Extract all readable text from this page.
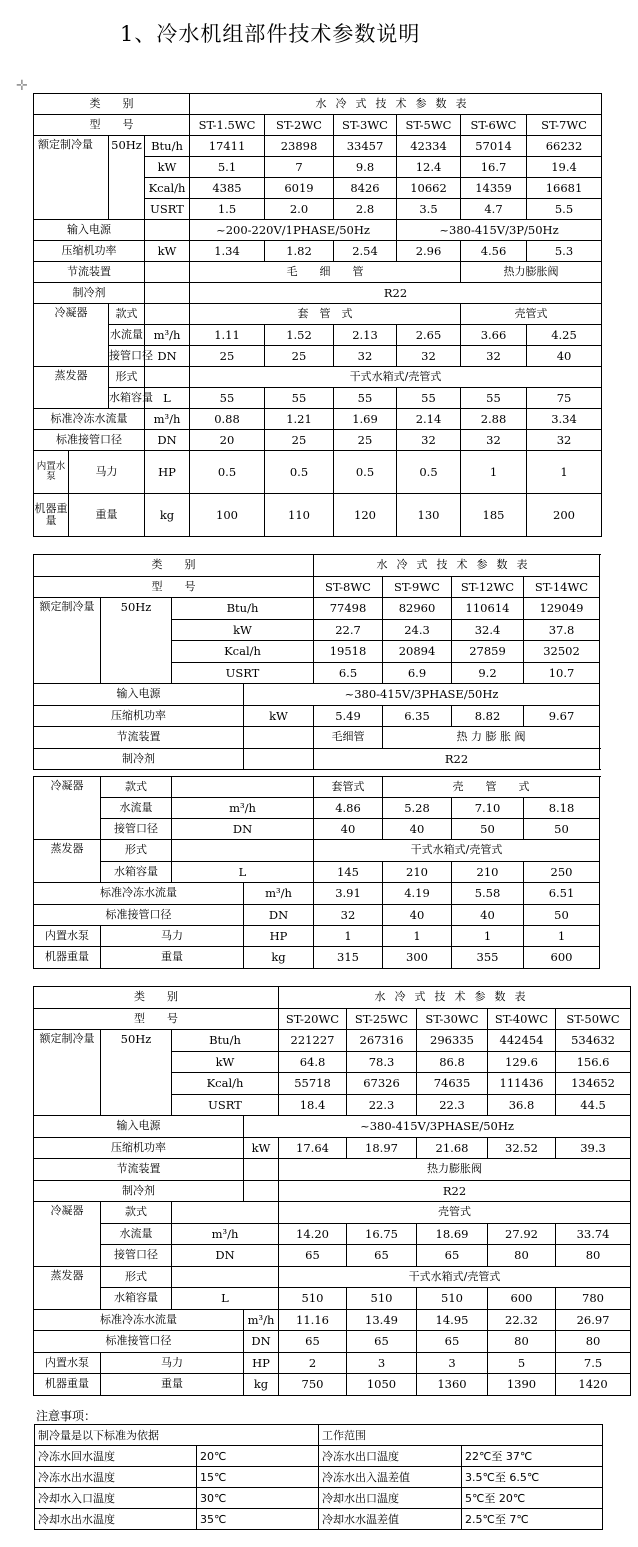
1、冷水机组部件技术参数说明
✛
类　　别				水冷式技术参数表					
型　　号				ST-1.5WC	ST-2WC	ST-3WC	ST-5WC	ST-6WC	ST-7WC
额定制冷量		50Hz	Btu/h	17411	23898	33457	42334	57014	66232
			kW	5.1	7	9.8	12.4	16.7	19.4
			Kcal/h	4385	6019	8426	10662	14359	16681
			USRT	1.5	2.0	2.8	3.5	4.7	5.5
输入电源				~200-220V/1PHASE/50Hz			~380-415V/3P/50Hz		
压缩机功率			kW	1.34	1.82	2.54	2.96	4.56	5.3
节流装置				毛　　细　　管				热力膨胀阀	
制冷剂				R22					
冷凝器		款式		套　管　式				壳管式	
		水流量	m³/h	1.11	1.52	2.13	2.65	3.66	4.25
		接管口径	DN	25	25	32	32	32	40
蒸发器		形式		干式水箱式/壳管式					
		水箱容量	L	55	55	55	55	55	75
标准冷冻水流量			m³/h	0.88	1.21	1.69	2.14	2.88	3.34
标准接管口径			DN	20	25	25	32	32	32
内置水泵	马力		HP	0.5	0.5	0.5	0.5	1	1
机器重量	重量		kg	100	110	120	130	185	200
类　　别				水冷式技术参数表				
型　　号				ST-8WC	ST-9WC	ST-12WC	ST-14WC	
额定制冷量	50Hz	Btu/h		77498	82960	110614	129049	
		kW		22.7	24.3	32.4	37.8	
		Kcal/h		19518	20894	27859	32502	
		USRT		6.5	6.9	9.2	10.7	
输入电源			~380-415V/3PHASE/50Hz					
压缩机功率			kW	5.49	6.35	8.82	9.67	
节流装置				毛细管	热 力 膨 胀 阀			
制冷剂				R22				

冷凝器	款式			套管式	壳　　管　　式			
	水流量	m³/h		4.86	5.28	7.10	8.18	
	接管口径	DN		40	40	50	50	
蒸发器	形式			干式水箱式/壳管式				
	水箱容量	L		145	210	210	250	
标准冷冻水流量			m³/h	3.91	4.19	5.58	6.51	
标准接管口径			DN	32	40	40	50	
内置水泵	马力		HP	1	1	1	1	
机器重量	重量		kg	315	300	355	600	
类　　别				水冷式技术参数表				
型　　号				ST-20WC	ST-25WC	ST-30WC	ST-40WC	ST-50WC
额定制冷量	50Hz	Btu/h		221227	267316	296335	442454	534632
		kW		64.8	78.3	86.8	129.6	156.6
		Kcal/h		55718	67326	74635	111436	134652
		USRT		18.4	22.3	22.3	36.8	44.5
输入电源			~380-415V/3PHASE/50Hz					
压缩机功率			kW	17.64	18.97	21.68	32.52	39.3
节流装置				热力膨胀阀				
制冷剂				R22				
冷凝器	款式			壳管式				
	水流量	m³/h		14.20	16.75	18.69	27.92	33.74
	接管口径	DN		65	65	65	80	80
蒸发器	形式			干式水箱式/壳管式				
	水箱容量	L		510	510	510	600	780
标准冷冻水流量			m³/h	11.16	13.49	14.95	22.32	26.97
标准接管口径			DN	65	65	65	80	80
内置水泵	马力		HP	2	3	3	5	7.5
机器重量	重量		kg	750	1050	1360	1390	1420
注意事项：
制冷量是以下标准为依据		工作范围	
冷冻水回水温度	20℃	冷冻水出口温度	22℃至 37℃
冷冻水出水温度	15℃	冷冻水出入温差值	3.5℃至 6.5℃
冷却水入口温度	30℃	冷却水出口温度	5℃至 20℃
冷却水出水温度	35℃	冷却水水温差值	2.5℃至 7℃
